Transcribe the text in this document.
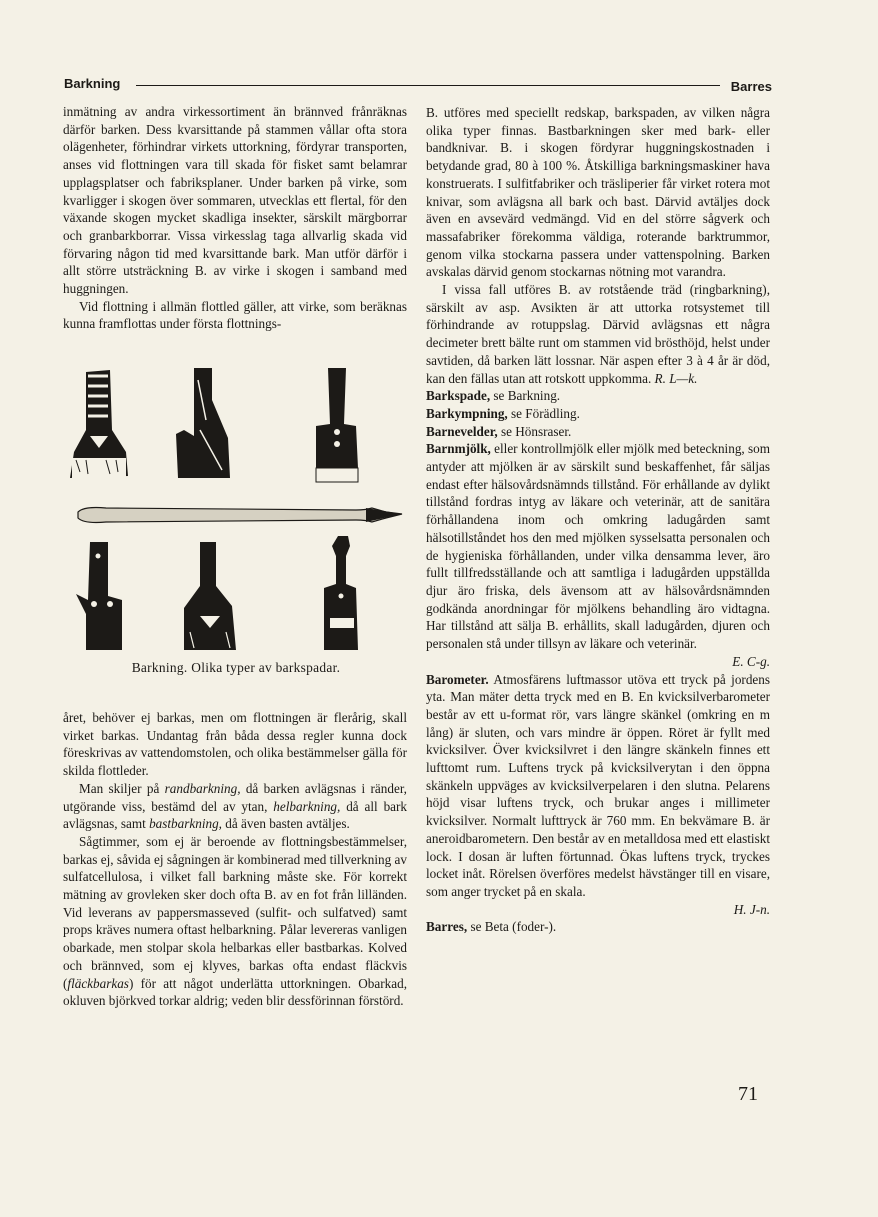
Barkning	Barres

inmätning av andra virkessortiment än brännved frånräknas därför barken. Dess kvarsittande på stammen vållar ofta stora olägenheter, förhindrar virkets uttorkning, fördyrar transporten, anses vid flottningen vara till skada för fisket samt belamrar upplagsplatser och fabriksplaner. Under barken på virke, som kvarligger i skogen över sommaren, utvecklas ett flertal, för den växande skogen mycket skadliga insekter, särskilt märgborrar och granbarkborrar. Vissa virkesslag taga allvarlig skada vid förvaring någon tid med kvarsittande bark. Man utför därför i allt större utsträckning B. av virke i skogen i samband med huggningen.

Vid flottning i allmän flottled gäller, att virke, som beräknas kunna framflottas under första flottnings-

Barkning. Olika typer av barkspadar.

året, behöver ej barkas, men om flottningen är flerårig, skall virket barkas. Undantag från båda dessa regler kunna dock föreskrivas av vattendomstolen, och olika bestämmelser gälla för skilda flottleder.

Man skiljer på randbarkning, då barken avlägsnas i ränder, utgörande viss, bestämd del av ytan, helbarkning, då all bark avlägsnas, samt bastbarkning, då även basten avtäljes.

Sågtimmer, som ej är beroende av flottningsbestämmelser, barkas ej, såvida ej sågningen är kombinerad med tillverkning av sulfatcellulosa, i vilket fall barkning måste ske. För korrekt mätning av grovleken sker doch ofta B. av en fot från lilländen. Vid leverans av pappersmasseved (sulfit- och sulfatved) samt props kräves numera oftast helbarkning. Pålar levereras vanligen obarkade, men stolpar skola helbarkas eller bastbarkas. Kolved och brännved, som ej klyves, barkas ofta endast fläckvis (fläckbarkas) för att något underlätta uttorkningen. Obarkad, okluven björkved torkar aldrig; veden blir dessförinnan förstörd.

B. utföres med speciellt redskap, barkspaden, av vilken några olika typer finnas. Bastbarkningen sker med bark- eller bandknivar. B. i skogen fördyrar huggningskostnaden i betydande grad, 80 à 100 %. Åtskilliga barkningsmaskiner hava konstruerats. I sulfitfabriker och träsliperier får virket rotera mot knivar, som avlägsna all bark och bast. Därvid avtäljes dock även en avsevärd vedmängd. Vid en del större sågverk och massafabriker förekomma väldiga, roterande barktrummor, genom vilka stockarna passera under vattenspolning. Barken avskalas därvid genom stockarnas nötning mot varandra.

I vissa fall utföres B. av rotstående träd (ringbarkning), särskilt av asp. Avsikten är att uttorka rotsystemet till förhindrande av rotuppslag. Därvid avlägsnas ett några decimeter brett bälte runt om stammen vid brösthöjd, helst under savtiden, då barken lätt lossnar. När aspen efter 3 à 4 år är död, kan den fällas utan att rotskott uppkomma. R. L—k.

Barkspade, se Barkning.

Barkympning, se Förädling.

Barnevelder, se Hönsraser.

Barnmjölk, eller kontrollmjölk eller mjölk med beteckning, som antyder att mjölken är av särskilt sund beskaffenhet, får säljas endast efter hälsovårdsnämnds tillstånd. För erhållande av dylikt tillstånd fordras intyg av läkare och veterinär, att de sanitära förhållandena inom och omkring ladugården samt hälsotillståndet hos den med mjölken sysselsatta personalen och de hygieniska förhållanden, under vilka densamma lever, äro fullt tillfredsställande och att samtliga i ladugården uppställda djur äro friska, dels ävensom att av hälsovårdsnämnden godkända anordningar för mjölkens behandling äro vidtagna. Har tillstånd att sälja B. erhållits, skall ladugården, djuren och personalen stå under tillsyn av läkare och veterinär.

E. C-g.

Barometer. Atmosfärens luftmassor utöva ett tryck på jordens yta. Man mäter detta tryck med en B. En kvicksilverbarometer består av ett u-format rör, vars längre skänkel (omkring en m lång) är sluten, och vars mindre är öppen. Röret är fyllt med kvicksilver. Över kvicksilvret i den längre skänkeln finnes ett lufttomt rum. Luftens tryck på kvicksilverytan i den öppna skänkeln uppväges av kvicksilverpelaren i den slutna. Pelarens höjd visar luftens tryck, och brukar anges i millimeter kvicksilver. Normalt lufttryck är 760 mm. En bekvämare B. är aneroidbarometern. Den består av en metalldosa med ett elastiskt lock. I dosan är luften förtunnad. Ökas luftens tryck, tryckes locket inåt. Rörelsen överföres medelst hävstänger till en visare, som anger trycket på en skala.

H. J-n.

Barres, se Beta (foder-).

71
